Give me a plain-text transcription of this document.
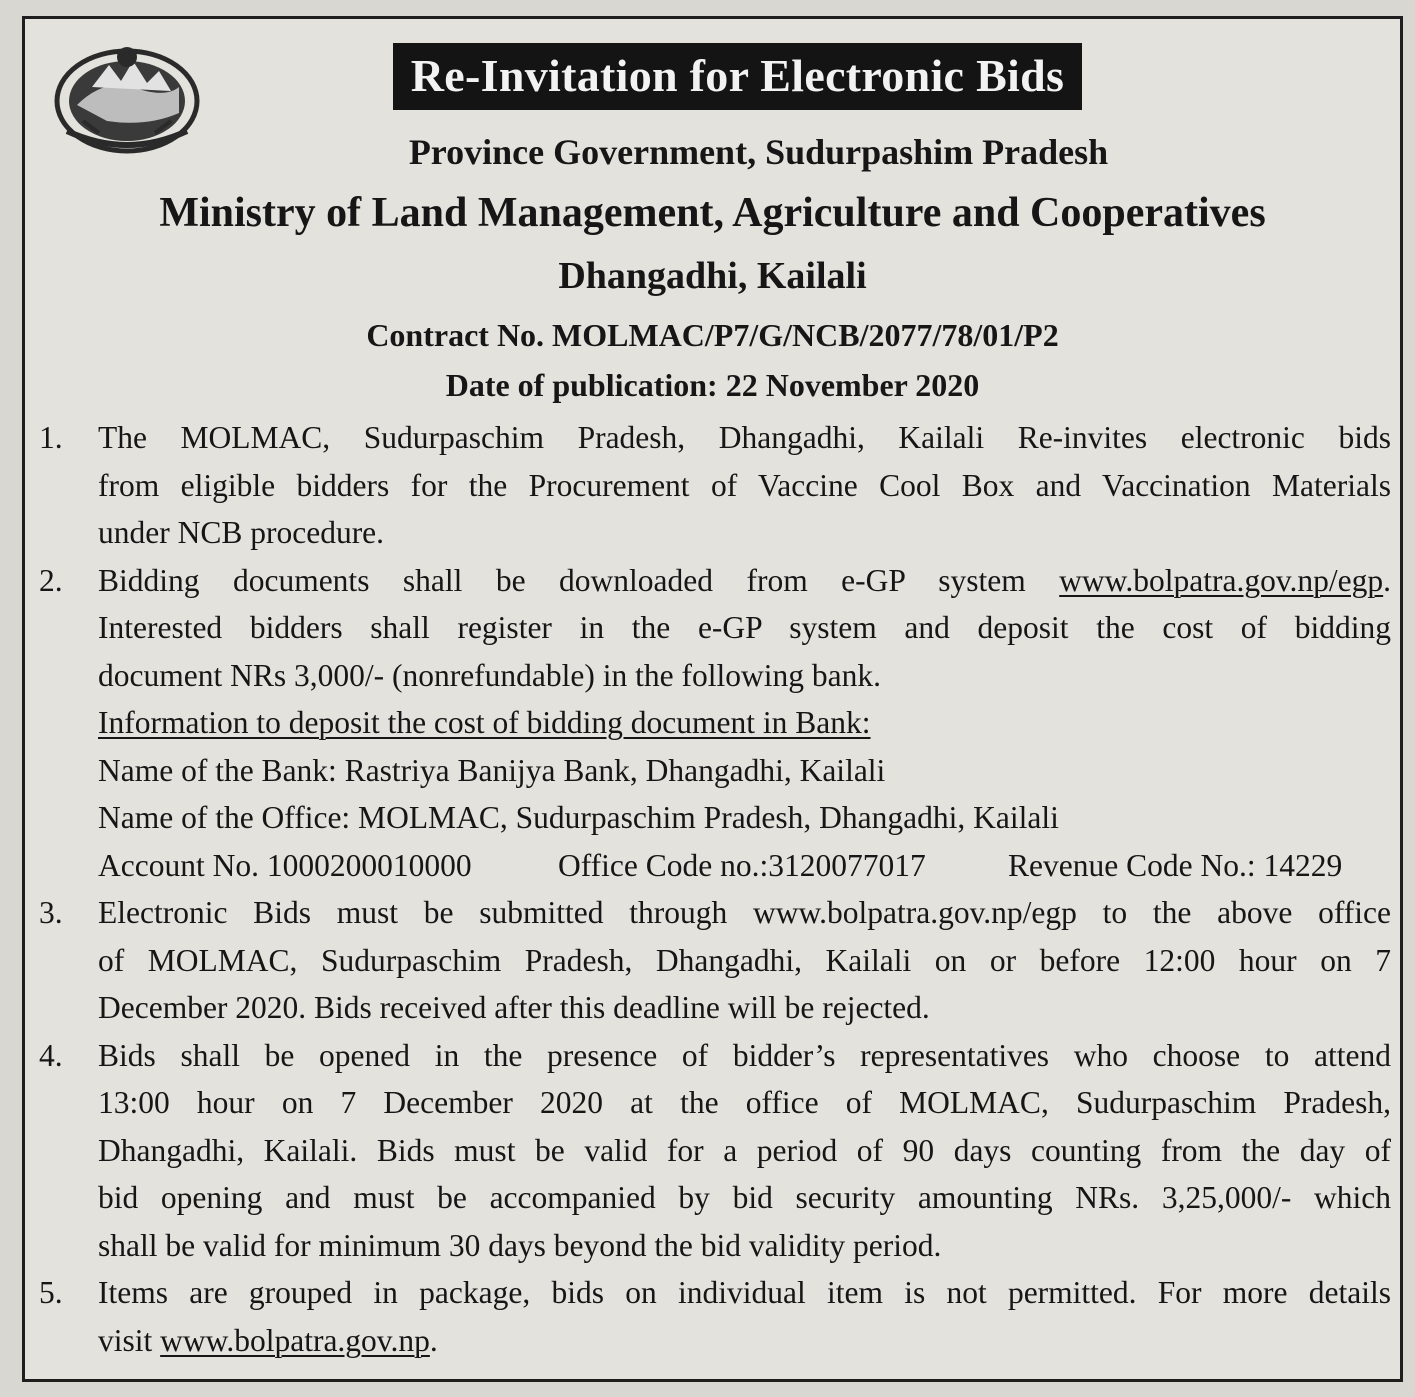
Re-Invitation for Electronic Bids
Province Government, Sudurpashim Pradesh
Ministry of Land Management, Agriculture and Cooperatives
Dhangadhi, Kailali
Contract No. MOLMAC/P7/G/NCB/2077/78/01/P2
Date of publication: 22 November 2020
1. The MOLMAC, Sudurpaschim Pradesh, Dhangadhi, Kailali Re-invites electronic bids
from eligible bidders for the Procurement of Vaccine Cool Box and Vaccination Materials
under NCB procedure.
2. Bidding documents shall be downloaded from e-GP system www.bolpatra.gov.np/egp.
Interested bidders shall register in the e-GP system and deposit the cost of bidding
document NRs 3,000/- (nonrefundable) in the following bank.
Information to deposit the cost of bidding document in Bank:
Name of the Bank: Rastriya Banijya Bank, Dhangadhi, Kailali
Name of the Office: MOLMAC, Sudurpaschim Pradesh, Dhangadhi, Kailali
Account No. 1000200010000	Office Code no.:3120077017	Revenue Code No.: 14229
3. Electronic Bids must be submitted through www.bolpatra.gov.np/egp to the above office
of MOLMAC, Sudurpaschim Pradesh, Dhangadhi, Kailali on or before 12:00 hour on 7
December 2020. Bids received after this deadline will be rejected.
4. Bids shall be opened in the presence of bidder’s representatives who choose to attend
13:00 hour on 7 December 2020 at the office of MOLMAC, Sudurpaschim Pradesh,
Dhangadhi, Kailali. Bids must be valid for a period of 90 days counting from the day of
bid opening and must be accompanied by bid security amounting NRs. 3,25,000/- which
shall be valid for minimum 30 days beyond the bid validity period.
5. Items are grouped in package, bids on individual item is not permitted. For more details
visit www.bolpatra.gov.np.
